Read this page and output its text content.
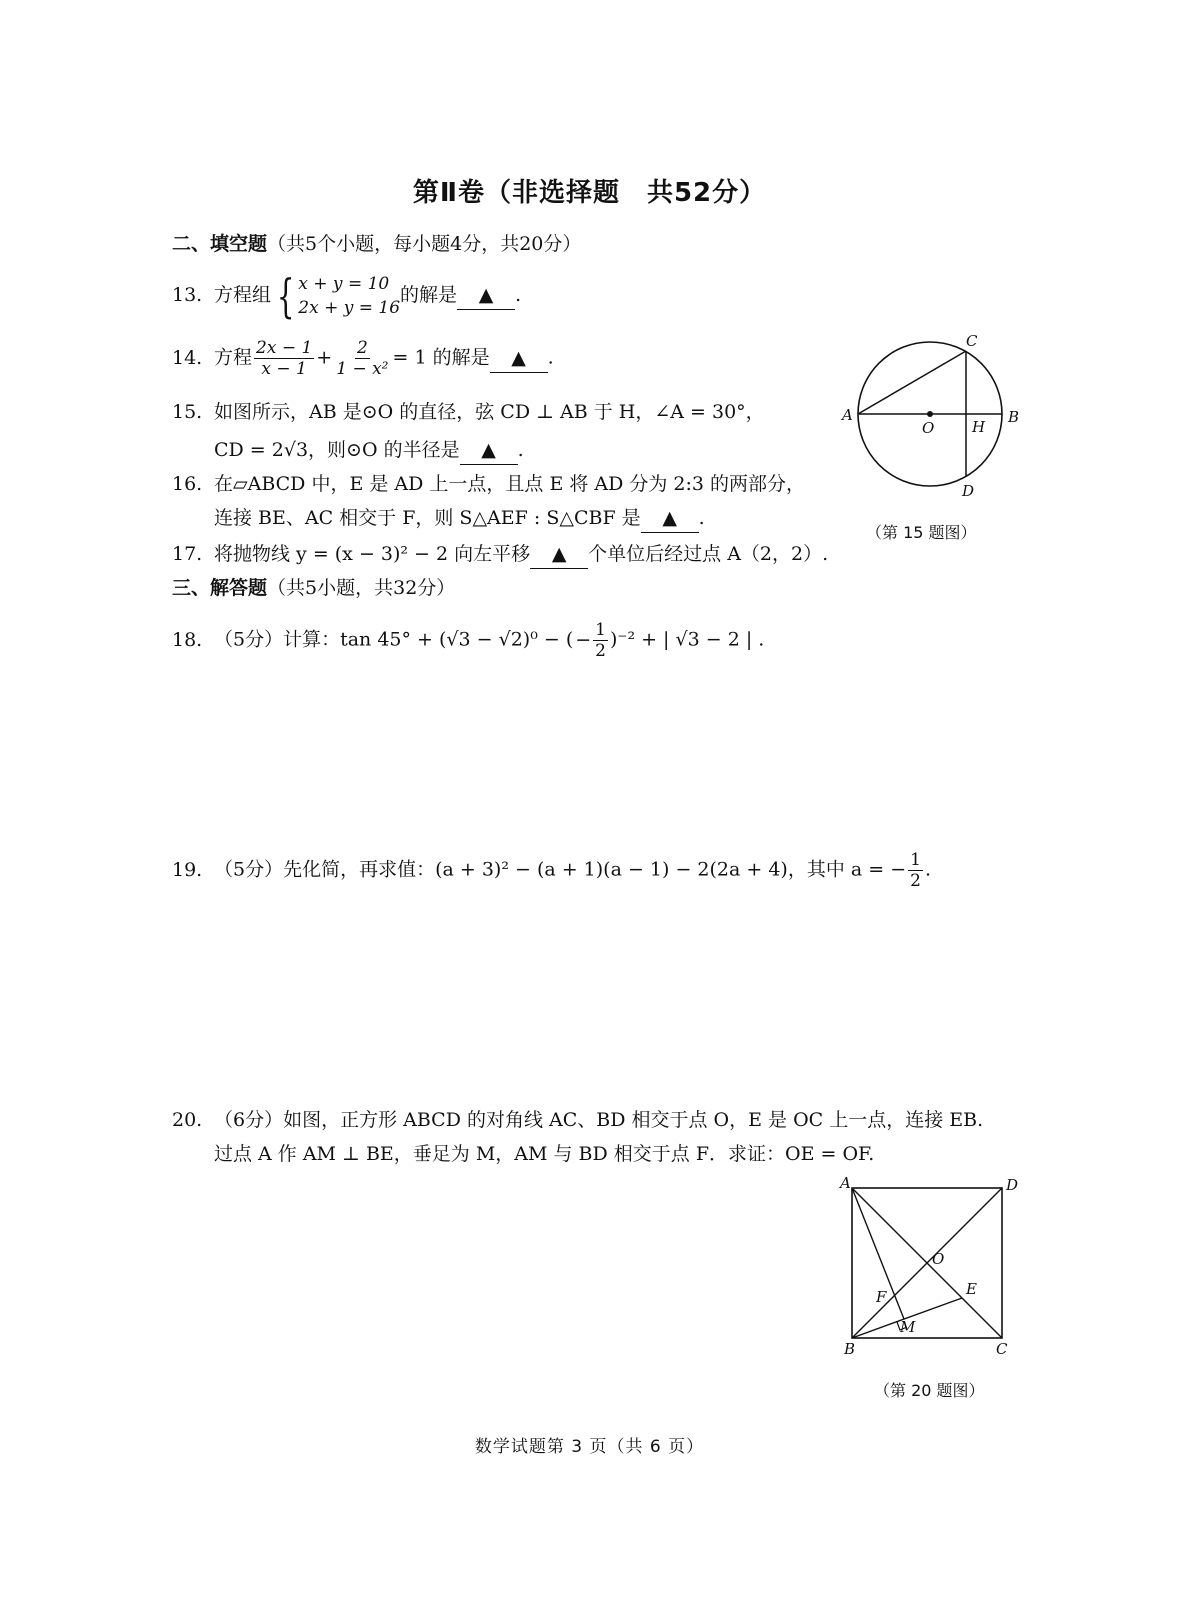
第Ⅱ卷（非选择题　共52分）
二、填空题（共5个小题，每小题4分，共20分）
13. 方程组 { x + y = 10
2x + y = 16
的解是 ▲ .
14. 方程 $\frac{2x - 1}{x - 1} + \frac{2}{\text{1 − x²}} = 1$ 的解是 ▲ .
15. 如图所示，AB 是⊙O 的直径，弦 CD ⊥ AB 于 H，∠A = 30°，
CD = 2√3，则⊙O 的半径是 ▲ .
16. 在▱ABCD 中，E 是 AD 上一点，且点 E 将 AD 分为 2:3 的两部分，
连接 BE、AC 相交于 F，则 S△AEF : S△CBF 是 ▲ .
17. 将抛物线 y = (x − 3)² − 2 向左平移 ▲ 个单位后经过点 A（2，2）.
三、解答题（共5小题，共32分）
18. （5分）计算：tan 45° + (√3 − √2)⁰ − ( − $\frac{1}{2} )^{-2}$ + | √3 − 2 | .
19. （5分）先化简，再求值：(a + 3)² − (a + 1)(a − 1) − 2(2a + 4)，其中 a = − $\frac{1}{2}$ .
20. （6分）如图，正方形 ABCD 的对角线 AC、BD 相交于点 O，E 是 OC 上一点，连接 EB.
过点 A 作 AM ⊥ BE，垂足为 M，AM 与 BD 相交于点 F．求证：OE = OF.
A	B
C
D
O	H
（第 15 题图）
A	D
B	C
O
E
F
M
（第 20 题图）
数学试题第 3 页（共 6 页）
